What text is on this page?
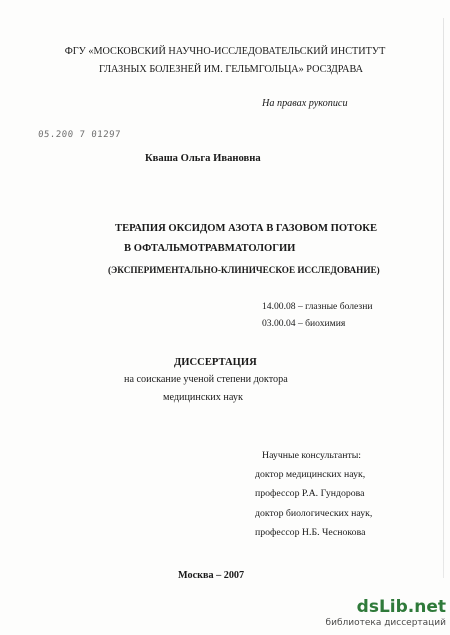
ФГУ «МОСКОВСКИЙ НАУЧНО-ИССЛЕДОВАТЕЛЬСКИЙ ИНСТИТУТ
ГЛАЗНЫХ БОЛЕЗНЕЙ ИМ. ГЕЛЬМГОЛЬЦА» РОСЗДРАВА
На правах рукописи
05.200 7 01297
Кваша Ольга Ивановна
ТЕРАПИЯ ОКСИДОМ АЗОТА В ГАЗОВОМ ПОТОКЕ
В ОФТАЛЬМОТРАВМАТОЛОГИИ
(ЭКСПЕРИМЕНТАЛЬНО-КЛИНИЧЕСКОЕ ИССЛЕДОВАНИЕ)
14.00.08 – глазные болезни
03.00.04 – биохимия
ДИССЕРТАЦИЯ
на соискание ученой степени доктора
медицинских наук
Научные консультанты:
доктор медицинских наук,
профессор Р.А. Гундорова
доктор биологических наук,
профессор Н.Б. Чеснокова
Москва – 2007
dsLib.net
библиотека диссертаций
